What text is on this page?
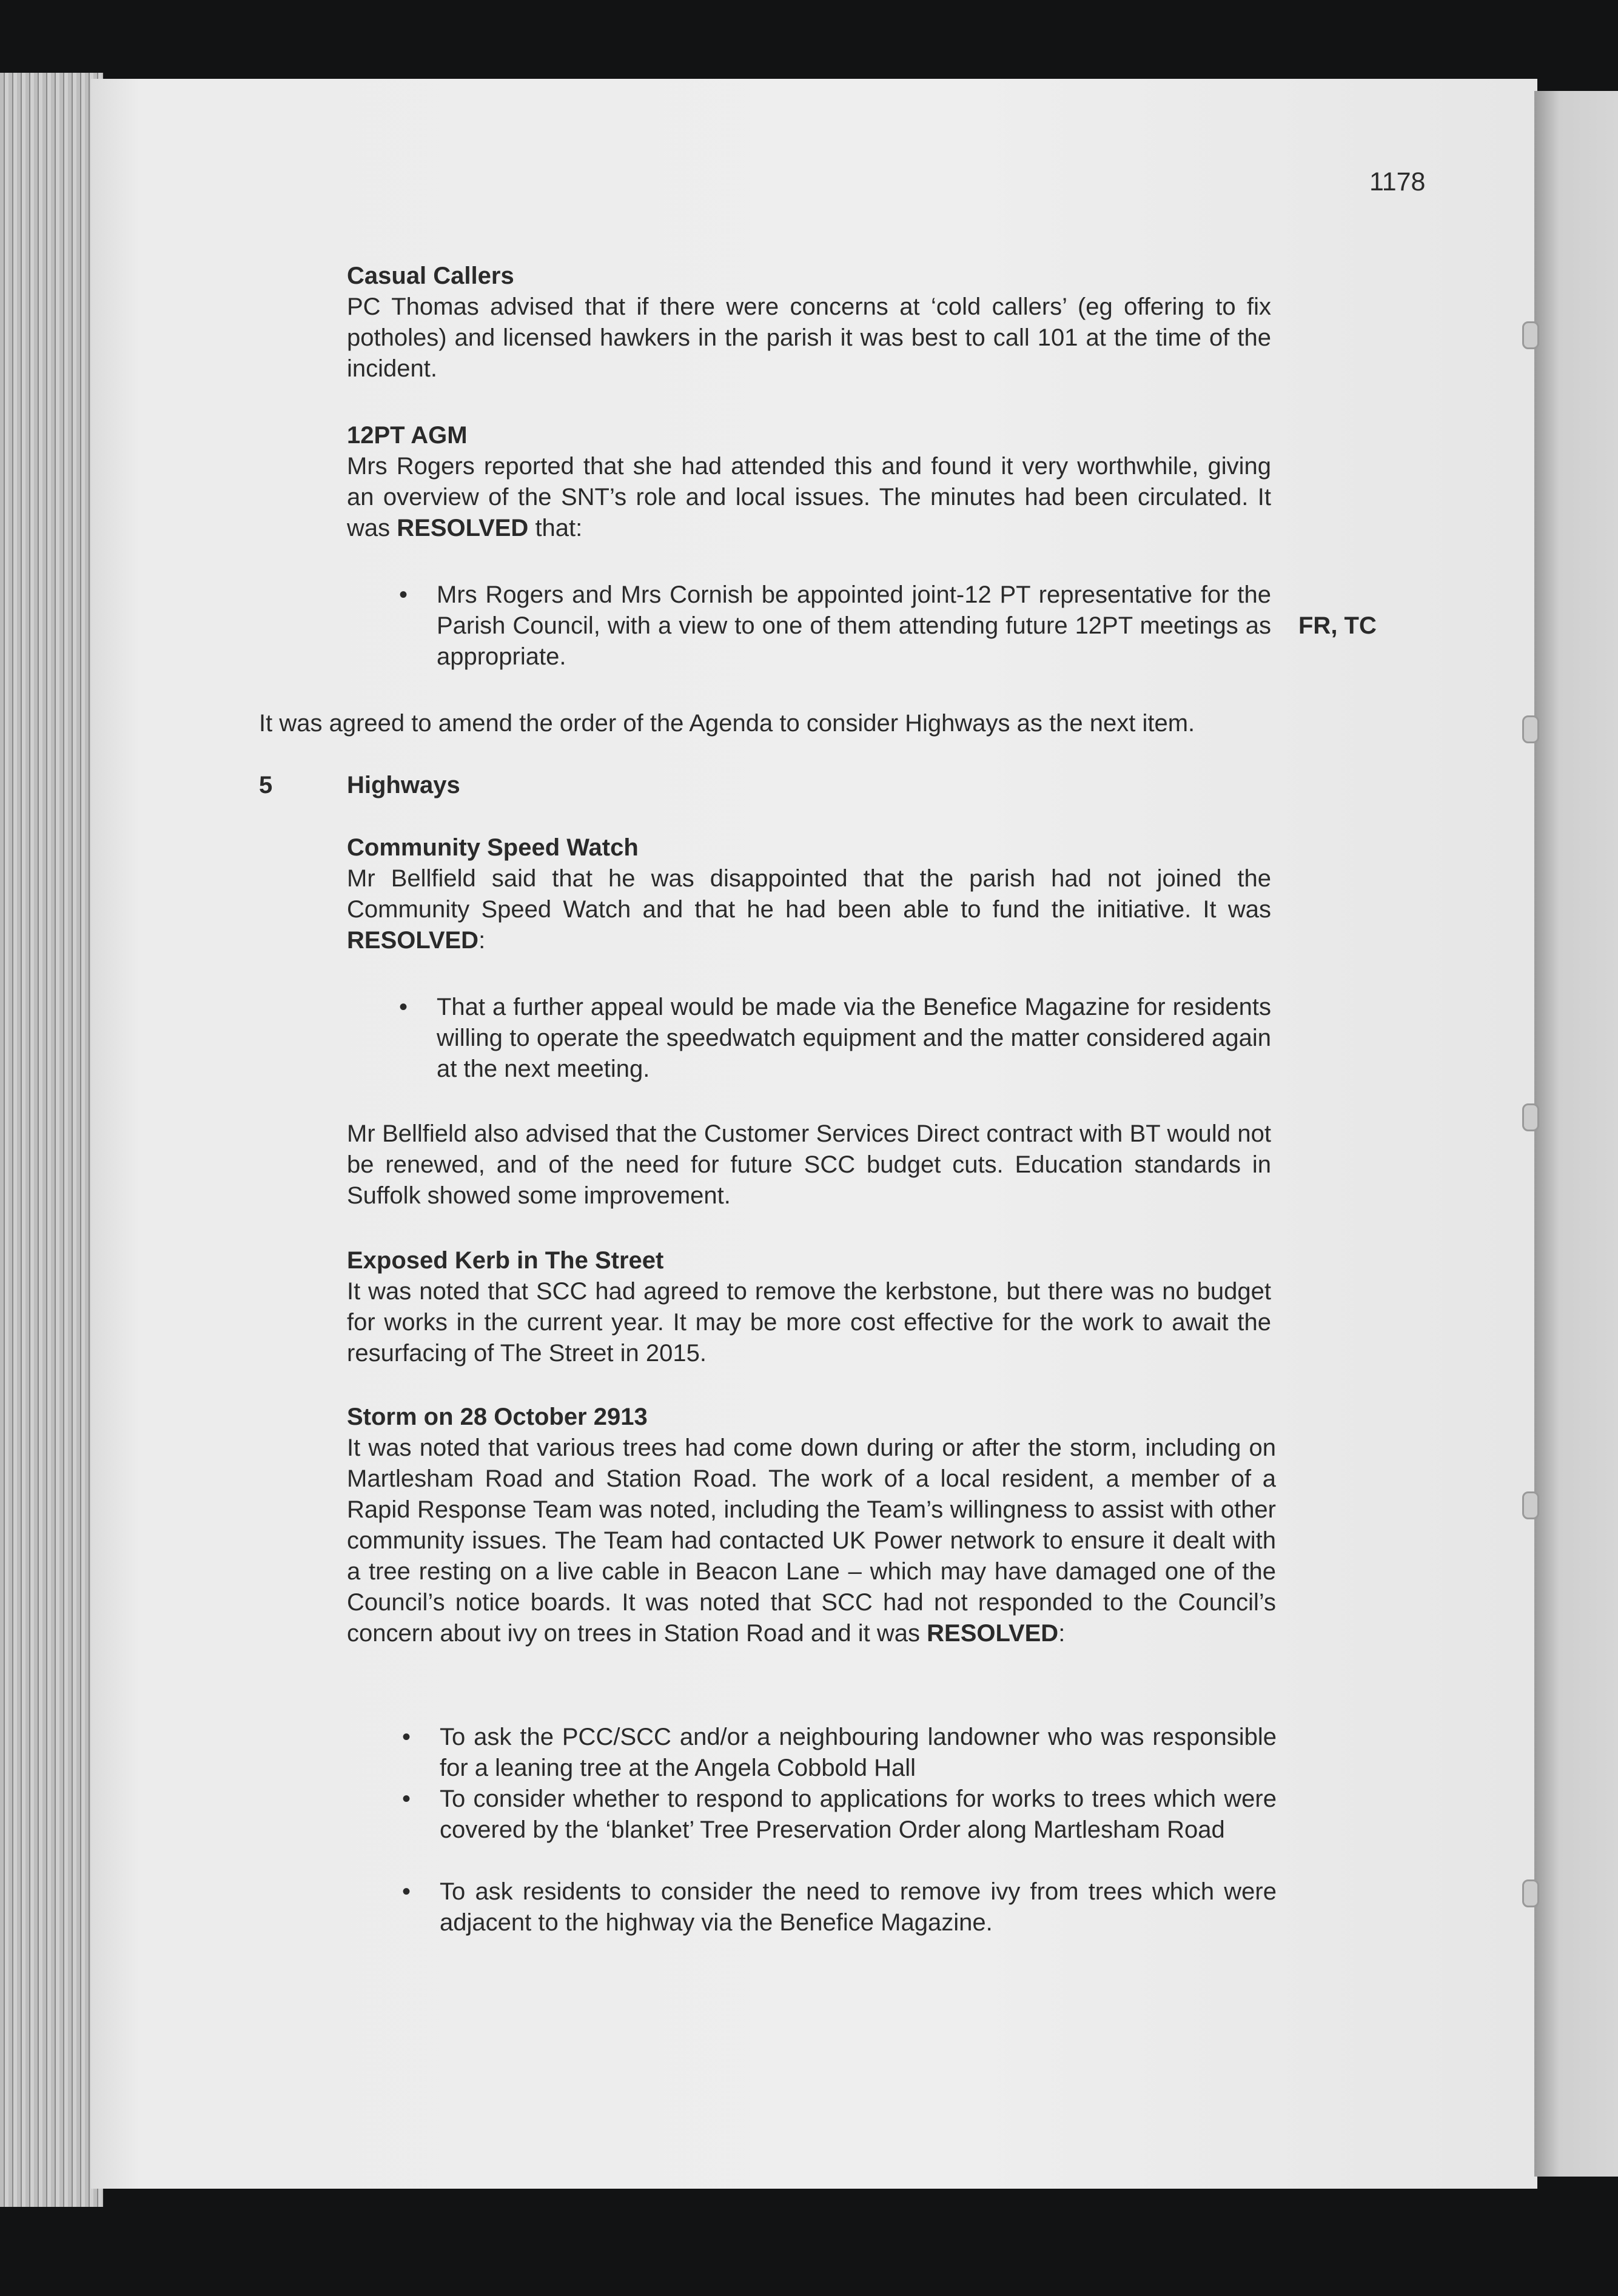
1178
Casual Callers
PC Thomas advised that if there were concerns at ‘cold callers’ (eg offering to fix potholes) and licensed hawkers in the parish it was best to call 101 at the time of the incident.
12PT AGM
Mrs Rogers reported that she had attended this and found it very worthwhile, giving an overview of the SNT’s role and local issues. The minutes had been circulated. It was RESOLVED that:
• Mrs Rogers and Mrs Cornish be appointed joint-12 PT representative for the Parish Council, with a view to one of them attending future 12PT meetings as appropriate.
FR, TC
It was agreed to amend the order of the Agenda to consider Highways as the next item.
5	Highways
Community Speed Watch
Mr Bellfield said that he was disappointed that the parish had not joined the Community Speed Watch and that he had been able to fund the initiative. It was RESOLVED:
• That a further appeal would be made via the Benefice Magazine for residents willing to operate the speedwatch equipment and the matter considered again at the next meeting.
Mr Bellfield also advised that the Customer Services Direct contract with BT would not be renewed, and of the need for future SCC budget cuts. Education standards in Suffolk showed some improvement.
Exposed Kerb in The Street
It was noted that SCC had agreed to remove the kerbstone, but there was no budget for works in the current year. It may be more cost effective for the work to await the resurfacing of The Street in 2015.
Storm on 28 October 2913
It was noted that various trees had come down during or after the storm, including on Martlesham Road and Station Road. The work of a local resident, a member of a Rapid Response Team was noted, including the Team’s willingness to assist with other community issues. The Team had contacted UK Power network to ensure it dealt with a tree resting on a live cable in Beacon Lane – which may have damaged one of the Council’s notice boards. It was noted that SCC had not responded to the Council’s concern about ivy on trees in Station Road and it was RESOLVED:
• To ask the PCC/SCC and/or a neighbouring landowner who was responsible for a leaning tree at the Angela Cobbold Hall
• To consider whether to respond to applications for works to trees which were covered by the ‘blanket’ Tree Preservation Order along Martlesham Road
• To ask residents to consider the need to remove ivy from trees which were adjacent to the highway via the Benefice Magazine.
